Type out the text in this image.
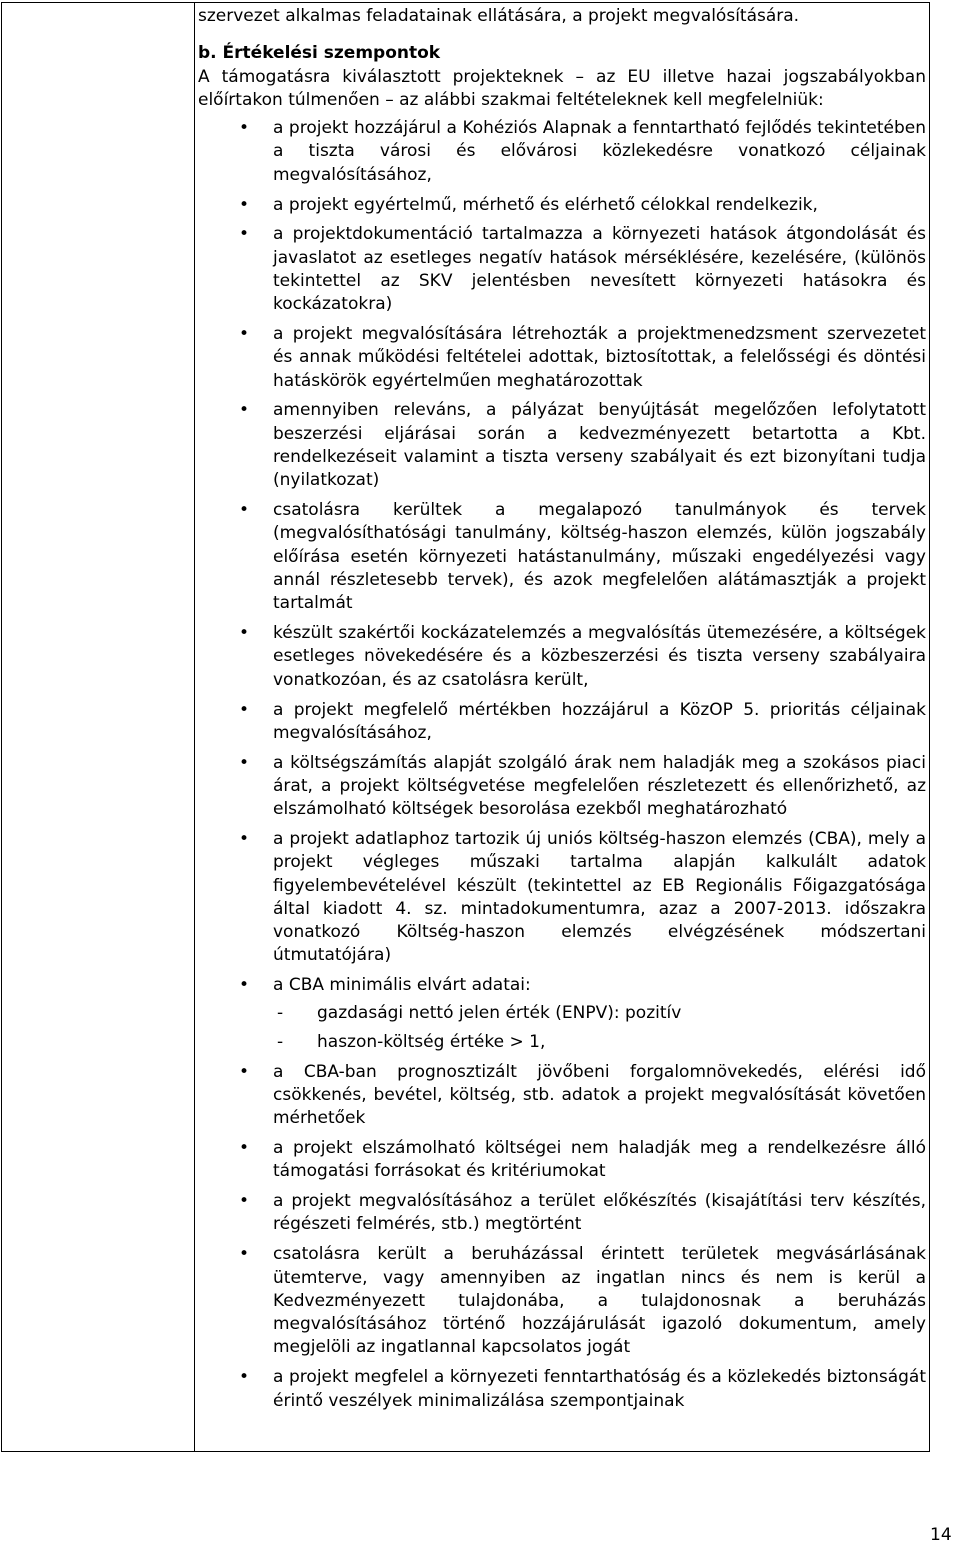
szervezet alkalmas feladatainak ellátására, a projekt megvalósítására.

b. Értékelési szempontok

A támogatásra kiválasztott projekteknek – az EU illetve hazai jogszabályokban előírtakon túlmenően – az alábbi szakmai feltételeknek kell megfelelniük:

• a projekt hozzájárul a Kohéziós Alapnak a fenntartható fejlődés tekintetében a tiszta városi és elővárosi közlekedésre vonatkozó céljainak megvalósításához,
• a projekt egyértelmű, mérhető és elérhető célokkal rendelkezik,
• a projektdokumentáció tartalmazza a környezeti hatások átgondolását és javaslatot az esetleges negatív hatások mérséklésére, kezelésére, (különös tekintettel az SKV jelentésben nevesített környezeti hatásokra és kockázatokra)
• a projekt megvalósítására létrehozták a projektmenedzsment szervezetet és annak működési feltételei adottak, biztosítottak, a felelősségi és döntési hatáskörök egyértelműen meghatározottak
• amennyiben releváns, a pályázat benyújtását megelőzően lefolytatott beszerzési eljárásai során a kedvezményezett betartotta a Kbt. rendelkezéseit valamint a tiszta verseny szabályait és ezt bizonyítani tudja (nyilatkozat)
• csatolásra kerültek a megalapozó tanulmányok és tervek (megvalósíthatósági tanulmány, költség-haszon elemzés, külön jogszabály előírása esetén környezeti hatástanulmány, műszaki engedélyezési vagy annál részletesebb tervek), és azok megfelelően alátámasztják a projekt tartalmát
• készült szakértői kockázatelemzés a megvalósítás ütemezésére, a költségek esetleges növekedésére és a közbeszerzési és tiszta verseny szabályaira vonatkozóan, és az csatolásra került,
• a projekt megfelelő mértékben hozzájárul a KözOP 5. prioritás céljainak megvalósításához,
• a költségszámítás alapját szolgáló árak nem haladják meg a szokásos piaci árat, a projekt költségvetése megfelelően részletezett és ellenőrizhető, az elszámolható költségek besorolása ezekből meghatározható
• a projekt adatlaphoz tartozik új uniós költség-haszon elemzés (CBA), mely a projekt végleges műszaki tartalma alapján kalkulált adatok figyelembevételével készült (tekintettel az EB Regionális Főigazgatósága által kiadott 4. sz. mintadokumentumra, azaz a 2007-2013. időszakra vonatkozó Költség-haszon elemzés elvégzésének módszertani útmutatójára)
• a CBA minimális elvárt adatai:
- gazdasági nettó jelen érték (ENPV): pozitív
- haszon-költség értéke > 1,
• a CBA-ban prognosztizált jövőbeni forgalomnövekedés, elérési idő csökkenés, bevétel, költség, stb. adatok a projekt megvalósítását követően mérhetőek
• a projekt elszámolható költségei nem haladják meg a rendelkezésre álló támogatási forrásokat és kritériumokat
• a projekt megvalósításához a terület előkészítés (kisajátítási terv készítés, régészeti felmérés, stb.) megtörtént
• csatolásra került a beruházással érintett területek megvásárlásának ütemterve, vagy amennyiben az ingatlan nincs és nem is kerül a Kedvezményezett tulajdonába, a tulajdonosnak a beruházás megvalósításához történő hozzájárulását igazoló dokumentum, amely megjelöli az ingatlannal kapcsolatos jogát
• a projekt megfelel a környezeti fenntarthatóság és a közlekedés biztonságát érintő veszélyek minimalizálása szempontjainak
14
